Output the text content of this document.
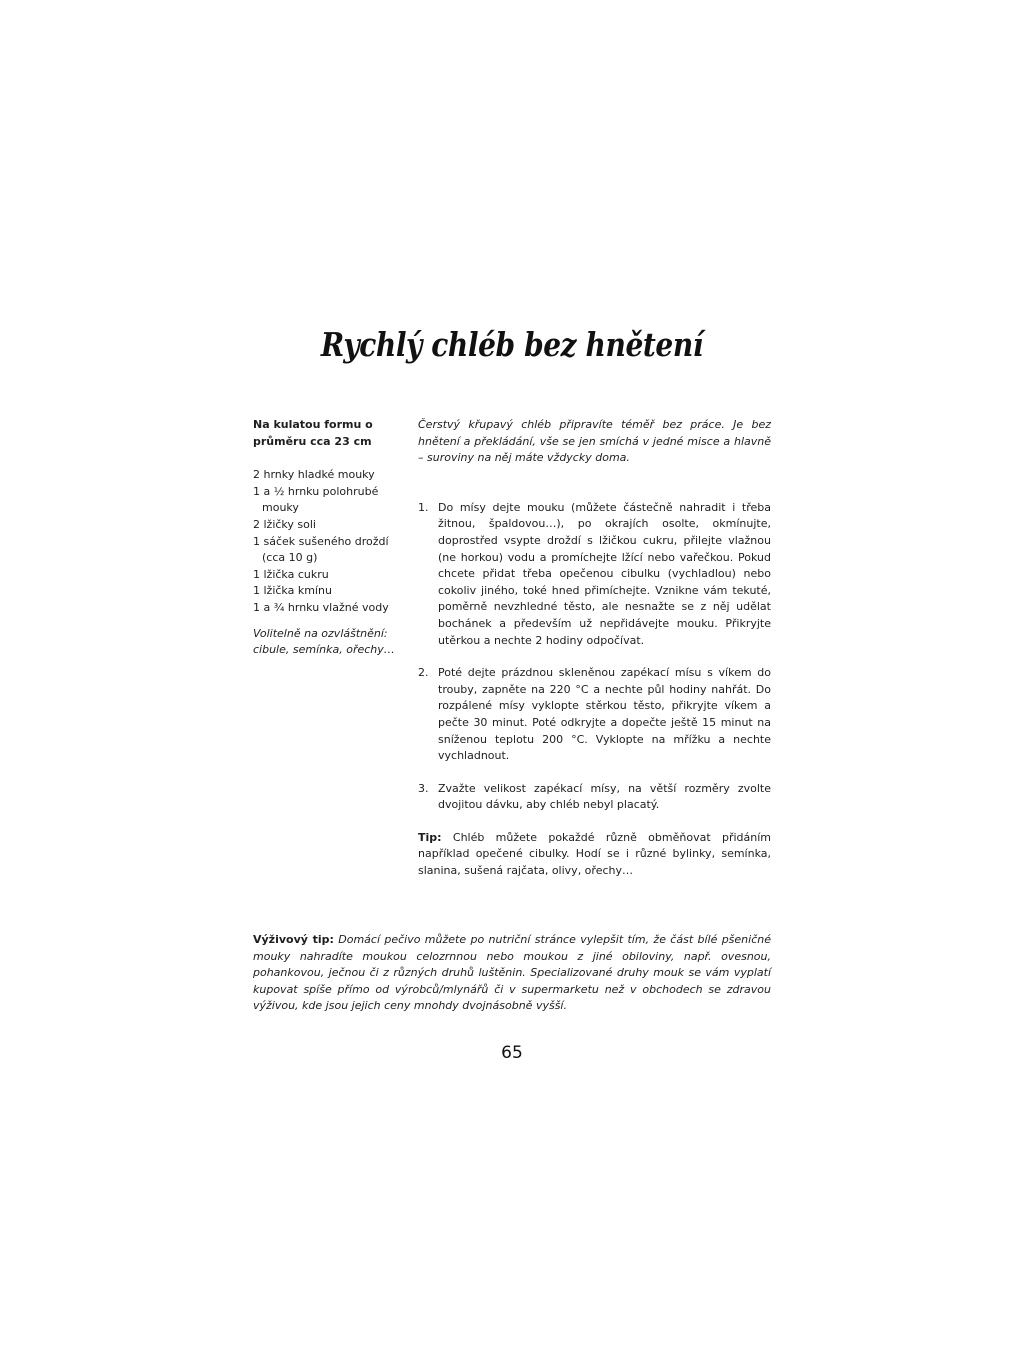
Rychlý chléb bez hnětení

Na kulatou formu o průměru cca 23 cm

2 hrnky hladké mouky
1 a ½ hrnku polohrubé mouky
2 lžičky soli
1 sáček sušeného droždí (cca 10 g)
1 lžička cukru
1 lžička kmínu
1 a ¾ hrnku vlažné vody

Volitelně na ozvláštnění: cibule, semínka, ořechy…

Čerstvý křupavý chléb připravíte téměř bez práce. Je bez hnětení a překládání, vše se jen smíchá v jedné misce a hlavně – suroviny na něj máte vždycky doma.

1. Do mísy dejte mouku (můžete částečně nahradit i třeba žitnou, špaldovou…), po okrajích osolte, okmínujte, doprostřed vsypte droždí s lžičkou cukru, přilejte vlažnou (ne horkou) vodu a promíchejte lžící nebo vařečkou. Pokud chcete přidat třeba opečenou cibulku (vychladlou) nebo cokoliv jiného, toké hned přimíchejte. Vznikne vám tekuté, poměrně nevzhledné těsto, ale nesnažte se z něj udělat bochánek a především už nepřidávejte mouku. Přikryjte utěrkou a nechte 2 hodiny odpočívat.
2. Poté dejte prázdnou skleněnou zapékací mísu s víkem do trouby, zapněte na 220 °C a nechte půl hodiny nahřát. Do rozpálené mísy vyklopte stěrkou těsto, přikryjte víkem a pečte 30 minut. Poté odkryjte a dopečte ještě 15 minut na sníženou teplotu 200 °C. Vyklopte na mřížku a nechte vychladnout.
3. Zvažte velikost zapékací mísy, na větší rozměry zvolte dvojitou dávku, aby chléb nebyl placatý.

Tip: Chléb můžete pokaždé různě obměňovat přidáním například opečené cibulky. Hodí se i různé bylinky, semínka, slanina, sušená rajčata, olivy, ořechy…

Výživový tip: Domácí pečivo můžete po nutriční stránce vylepšit tím, že část bílé pšeničné mouky nahradíte moukou celozrnnou nebo moukou z jiné obiloviny, např. ovesnou, pohankovou, ječnou či z různých druhů luštěnin. Specializované druhy mouk se vám vyplatí kupovat spíše přímo od výrobců/mlynářů či v supermarketu než v obchodech se zdravou výživou, kde jsou jejich ceny mnohdy dvojnásobně vyšší.

65
